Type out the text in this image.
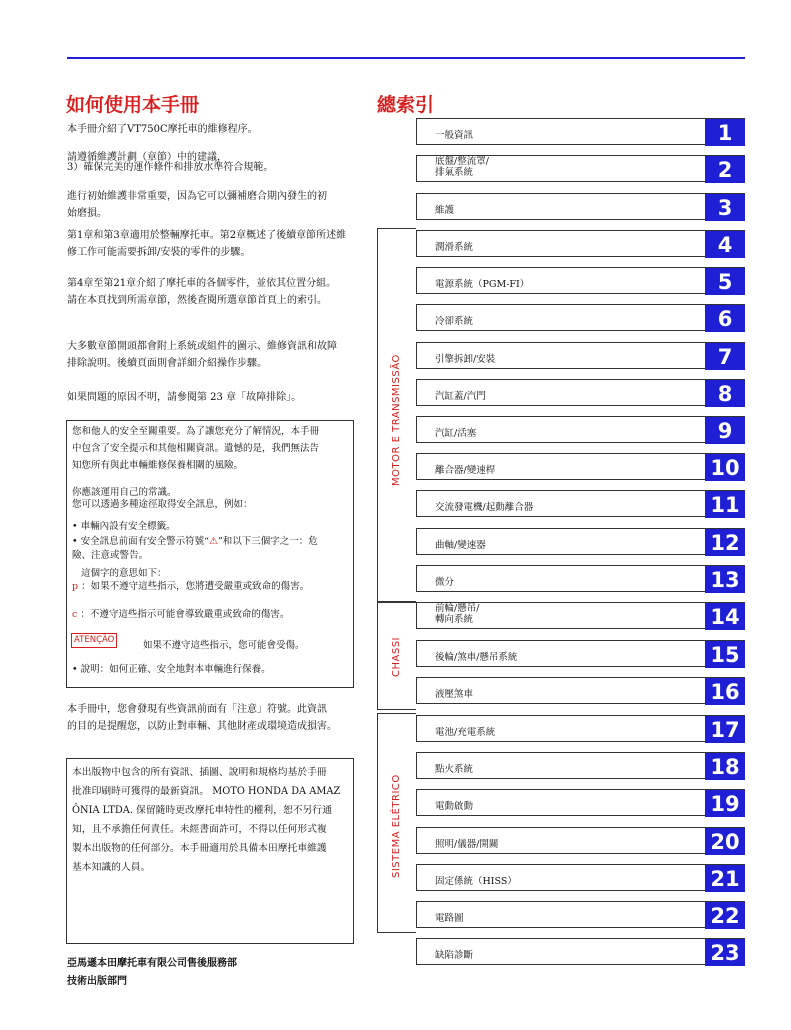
如何使用本手冊
本手冊介紹了VT750C摩托車的維修程序。
請遵循維護計劃（章節）中的建議，
3）確保完美的運作條件和排放水準符合規範。
進行初始維護非常重要，因為它可以彌補磨合期內發生的初
始磨損。
第1章和第3章適用於整輛摩托車。第2章概述了後續章節所述維
修工作可能需要拆卸/安裝的零件的步驟。
第4章至第21章介紹了摩托車的各個零件，並依其位置分組。
請在本頁找到所需章節，然後查閱所選章節首頁上的索引。
大多數章節開頭都會附上系統或組件的圖示、維修資訊和故障
排除說明。後續頁面則會詳細介紹操作步驟。
如果問題的原因不明，請參閱第 23 章「故障排除」。
您和他人的安全至關重要。為了讓您充分了解情況，本手冊
中包含了安全提示和其他相關資訊。遺憾的是，我們無法告
知您所有與此車輛維修保養相關的風險。
你應該運用自己的常識。
您可以透過多種途徑取得安全訊息，例如：
• 車輛內設有安全標籤。
• 安全訊息前面有安全警示符號“⚠”和以下三個字之一：危
險、注意或警告。
這個字的意思如下：
p ：如果不遵守這些指示，您將遭受嚴重或致命的傷害。
c ：不遵守這些指示可能會導致嚴重或致命的傷害。
ATENÇÃO	如果不遵守這些指示，您可能會受傷。
• 說明：如何正確、安全地對本車輛進行保養。
本手冊中，您會發現有些資訊前面有「注意」符號。此資訊
的目的是提醒您，以防止對車輛、其他財產或環境造成損害。
本出版物中包含的所有資訊、插圖、說明和規格均基於手冊
批准印刷時可獲得的最新資訊。 MOTO HONDA DA AMAZ
ÔNIA LTDA. 保留隨時更改摩托車特性的權利，恕不另行通
知，且不承擔任何責任。未經書面許可，不得以任何形式複
製本出版物的任何部分。本手冊適用於具備本田摩托車維護
基本知識的人員。
亞馬遜本田摩托車有限公司售後服務部
技術出版部門
總索引
MOTOR E TRANSMISSÃO
CHASSI
SISTEMA ELÉTRICO
一般資訊	1
底盤/整流罩/
排氣系統	2
維護	3
潤滑系統	4
電源系統（PGM-FI）	5
冷卻系統	6
引擎拆卸/安裝	7
汽缸蓋/汽門	8
汽缸/活塞	9
離合器/變速桿	10
交流發電機/起動離合器	11
曲軸/變速器	12
微分	13
前輪/懸吊/
轉向系統	14
後輪/煞車/懸吊系統	15
液壓煞車	16
電池/充電系統	17
點火系統	18
電動啟動	19
照明/儀器/開關	20
固定係統（HISS）	21
電路圖	22
缺陷診斷	23
